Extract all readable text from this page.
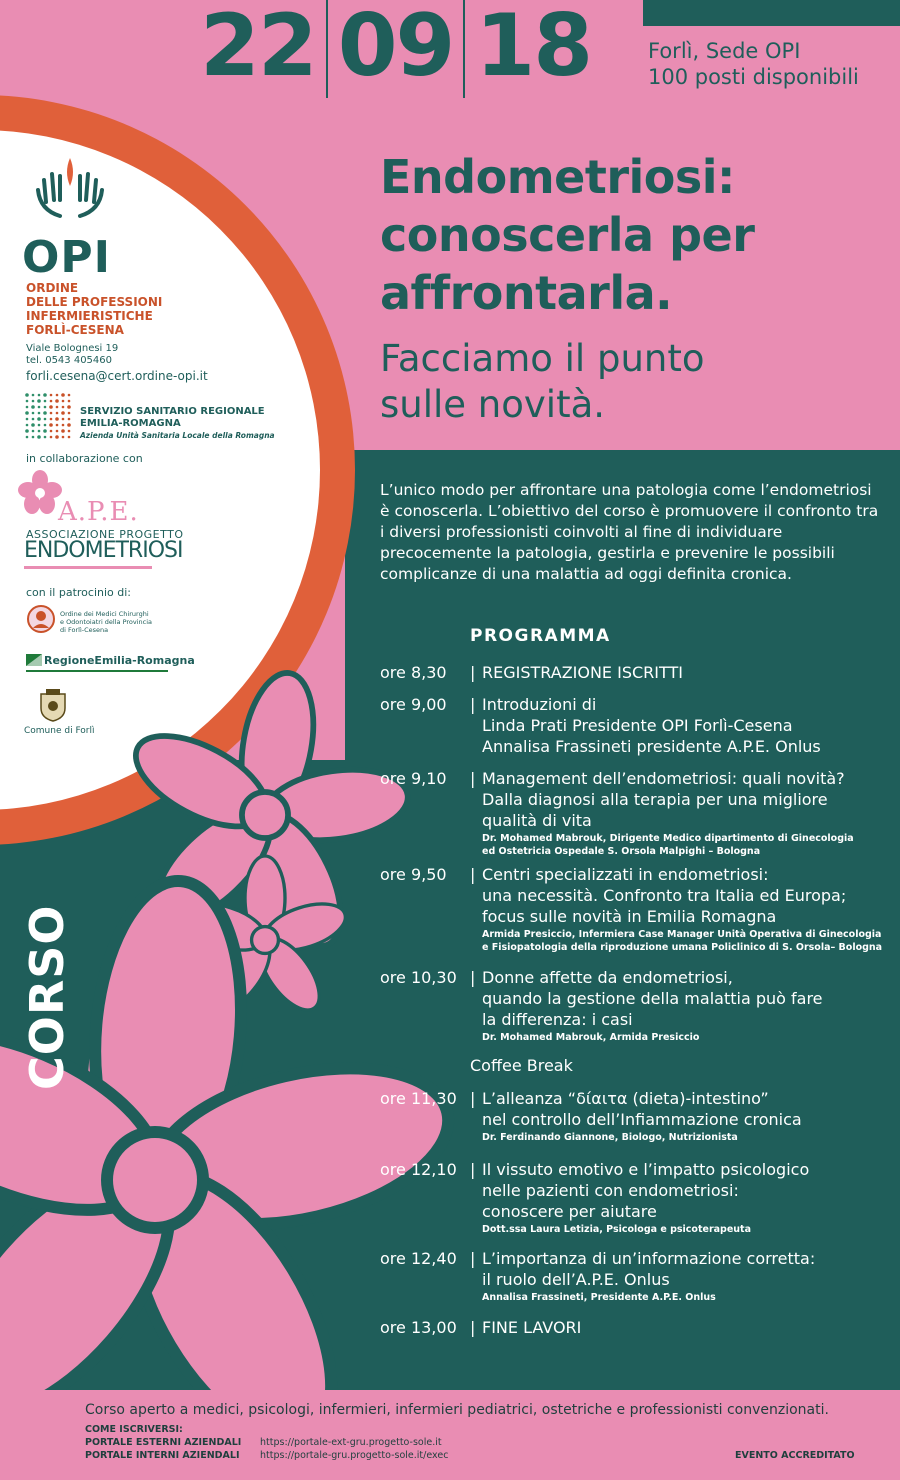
22 09 18	Forlì, Sede OPI
100 posti disponibili
Endometriosi:
conoscerla per
affrontarla.
Facciamo il punto
sulle novità.
OPI
ORDINE
DELLE PROFESSIONI
INFERMIERISTICHE
FORLÌ-CESENA
Viale Bolognesi 19
tel. 0543 405460
forli.cesena@cert.ordine-opi.it
SERVIZIO SANITARIO REGIONALE
EMILIA-ROMAGNA
Azienda Unità Sanitaria Locale della Romagna
in collaborazione con
A.P.E.
ASSOCIAZIONE PROGETTO
ENDOMETRIOSI
con il patrocinio di:
Ordine dei Medici Chirurghi
e Odontoiatri della Provincia
di Forlì-Cesena
RegioneEmilia-Romagna
Comune di Forlì
CORSO
L’unico modo per affrontare una patologia come l’endometriosi è conoscerla. L’obiettivo del corso è promuovere il confronto tra i diversi professionisti coinvolti al fine di individuare precocemente la patologia, gestirla e prevenire le possibili complicanze di una malattia ad oggi definita cronica.
PROGRAMMA
ore 8,30 | REGISTRAZIONE ISCRITTI
ore 9,00 | Introduzioni di
Linda Prati Presidente OPI Forlì-Cesena
Annalisa Frassineti presidente A.P.E. Onlus
ore 9,10 | Management dell’endometriosi: quali novità?
Dalla diagnosi alla terapia per una migliore
qualità di vita
Dr. Mohamed Mabrouk, Dirigente Medico dipartimento di Ginecologia
ed Ostetricia Ospedale S. Orsola Malpighi – Bologna
ore 9,50 | Centri specializzati in endometriosi:
una necessità. Confronto tra Italia ed Europa;
focus sulle novità in Emilia Romagna
Armida Presiccio, Infermiera Case Manager Unità Operativa di Ginecologia
e Fisiopatologia della riproduzione umana Policlinico di S. Orsola– Bologna
ore 10,30 | Donne affette da endometriosi,
quando la gestione della malattia può fare
la differenza: i casi
Dr. Mohamed Mabrouk, Armida Presiccio
ore 11,30 | L’alleanza “δίαιτα (dieta)-intestino”
nel controllo dell’Infiammazione cronica
Dr. Ferdinando Giannone, Biologo, Nutrizionista
ore 12,10 | Il vissuto emotivo e l’impatto psicologico
nelle pazienti con endometriosi:
conoscere per aiutare
Dott.ssa Laura Letizia, Psicologa e psicoterapeuta
ore 12,40 | L’importanza di un’informazione corretta:
il ruolo dell’A.P.E. Onlus
Annalisa Frassineti, Presidente A.P.E. Onlus
ore 13,00 | FINE LAVORI
Coffee Break
Corso aperto a medici, psicologi, infermieri, infermieri pediatrici, ostetriche e professionisti convenzionati.
COME ISCRIVERSI:
PORTALE ESTERNI AZIENDALI https://portale-ext-gru.progetto-sole.it
PORTALE INTERNI AZIENDALI https://portale-gru.progetto-sole.it/exec	EVENTO ACCREDITATO
